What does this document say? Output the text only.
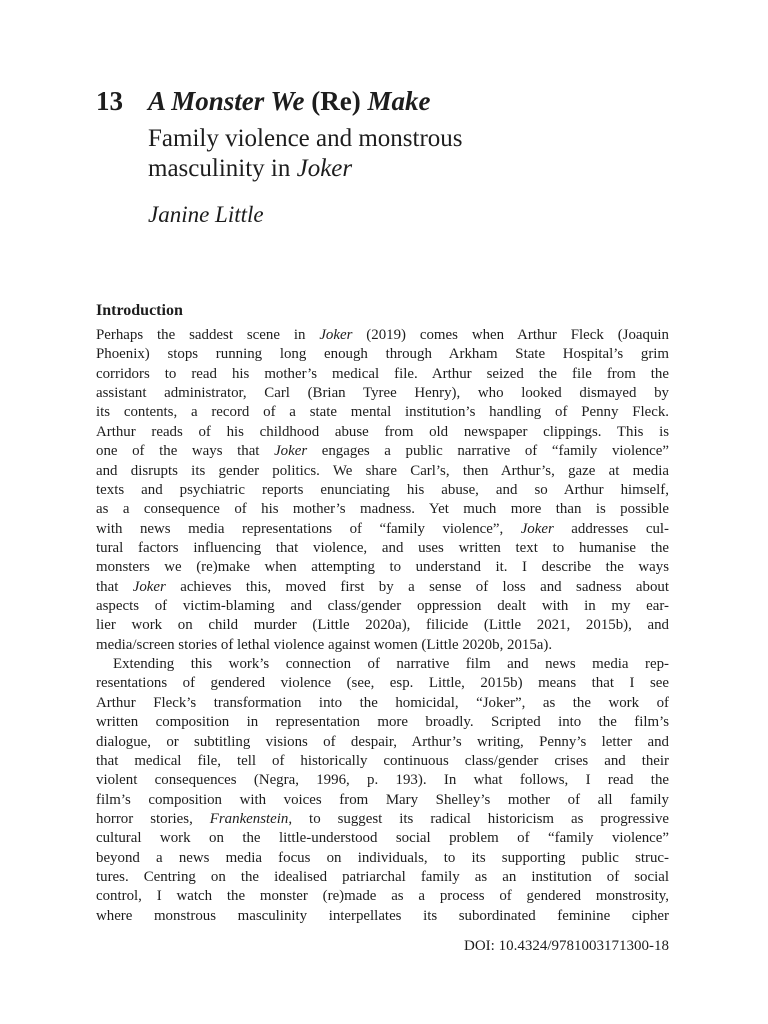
13 A Monster We (Re) Make
Family violence and monstrous
masculinity in Joker
Janine Little
Introduction
Perhaps the saddest scene in Joker (2019) comes when Arthur Fleck (Joaquin
Phoenix) stops running long enough through Arkham State Hospital’s grim
corridors to read his mother’s medical file. Arthur seized the file from the
assistant administrator, Carl (Brian Tyree Henry), who looked dismayed by
its contents, a record of a state mental institution’s handling of Penny Fleck.
Arthur reads of his childhood abuse from old newspaper clippings. This is
one of the ways that Joker engages a public narrative of “family violence”
and disrupts its gender politics. We share Carl’s, then Arthur’s, gaze at media
texts and psychiatric reports enunciating his abuse, and so Arthur himself,
as a consequence of his mother’s madness. Yet much more than is possible
with news media representations of “family violence”, Joker addresses cul-
tural factors influencing that violence, and uses written text to humanise the
monsters we (re)make when attempting to understand it. I describe the ways
that Joker achieves this, moved first by a sense of loss and sadness about
aspects of victim-blaming and class/gender oppression dealt with in my ear-
lier work on child murder (Little 2020a), filicide (Little 2021, 2015b), and
media/screen stories of lethal violence against women (Little 2020b, 2015a).
Extending this work’s connection of narrative film and news media rep-
resentations of gendered violence (see, esp. Little, 2015b) means that I see
Arthur Fleck’s transformation into the homicidal, “Joker”, as the work of
written composition in representation more broadly. Scripted into the film’s
dialogue, or subtitling visions of despair, Arthur’s writing, Penny’s letter and
that medical file, tell of historically continuous class/gender crises and their
violent consequences (Negra, 1996, p. 193). In what follows, I read the
film’s composition with voices from Mary Shelley’s mother of all family
horror stories, Frankenstein, to suggest its radical historicism as progressive
cultural work on the little-understood social problem of “family violence”
beyond a news media focus on individuals, to its supporting public struc-
tures. Centring on the idealised patriarchal family as an institution of social
control, I watch the monster (re)made as a process of gendered monstrosity,
where monstrous masculinity interpellates its subordinated feminine cipher
DOI: 10.4324/9781003171300-18
